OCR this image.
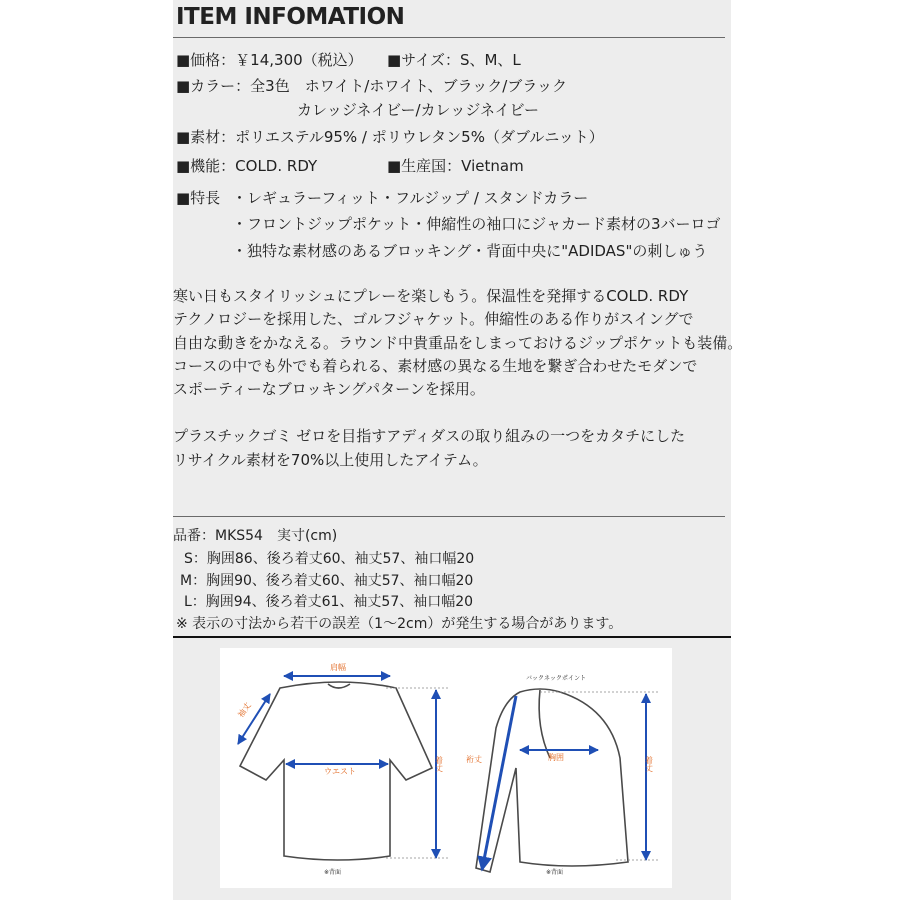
ITEM INFOMATION
■価格：￥14,300（税込） ■サイズ：S、M、L
■カラー：全3色　ホワイト/ホワイト、ブラック/ブラック
カレッジネイビー/カレッジネイビー
■素材：ポリエステル95% / ポリウレタン5%（ダブルニット）
■機能：COLD. RDY	■生産国：Vietnam
■特長 ・レギュラーフィット・フルジップ / スタンドカラー
・フロントジップポケット・伸縮性の袖口にジャカード素材の3バーロゴ
・独特な素材感のあるブロッキング・背面中央に"ADIDAS"の刺しゅう
寒い日もスタイリッシュにプレーを楽しもう。保温性を発揮するCOLD. RDY
テクノロジーを採用した、ゴルフジャケット。伸縮性のある作りがスイングで
自由な動きをかなえる。ラウンド中貴重品をしまっておけるジップポケットも装備。
コースの中でも外でも着られる、素材感の異なる生地を繋ぎ合わせたモダンで
スポーティーなブロッキングパターンを採用。
プラスチックゴミ ゼロを目指すアディダスの取り組みの一つをカタチにした
リサイクル素材を70%以上使用したアイテム。
品番：MKS54　実寸(cm)
S：胸囲86、後ろ着丈60、袖丈57、袖口幅20
M：胸囲90、後ろ着丈60、袖丈57、袖口幅20
L：胸囲94、後ろ着丈61、袖丈57、袖口幅20
※ 表示の寸法から若干の誤差（1〜2cm）が発生する場合があります。
肩幅
袖丈
ウエスト	着丈
※背面
バックネックポイント
裄丈	胸囲	着丈
※背面
